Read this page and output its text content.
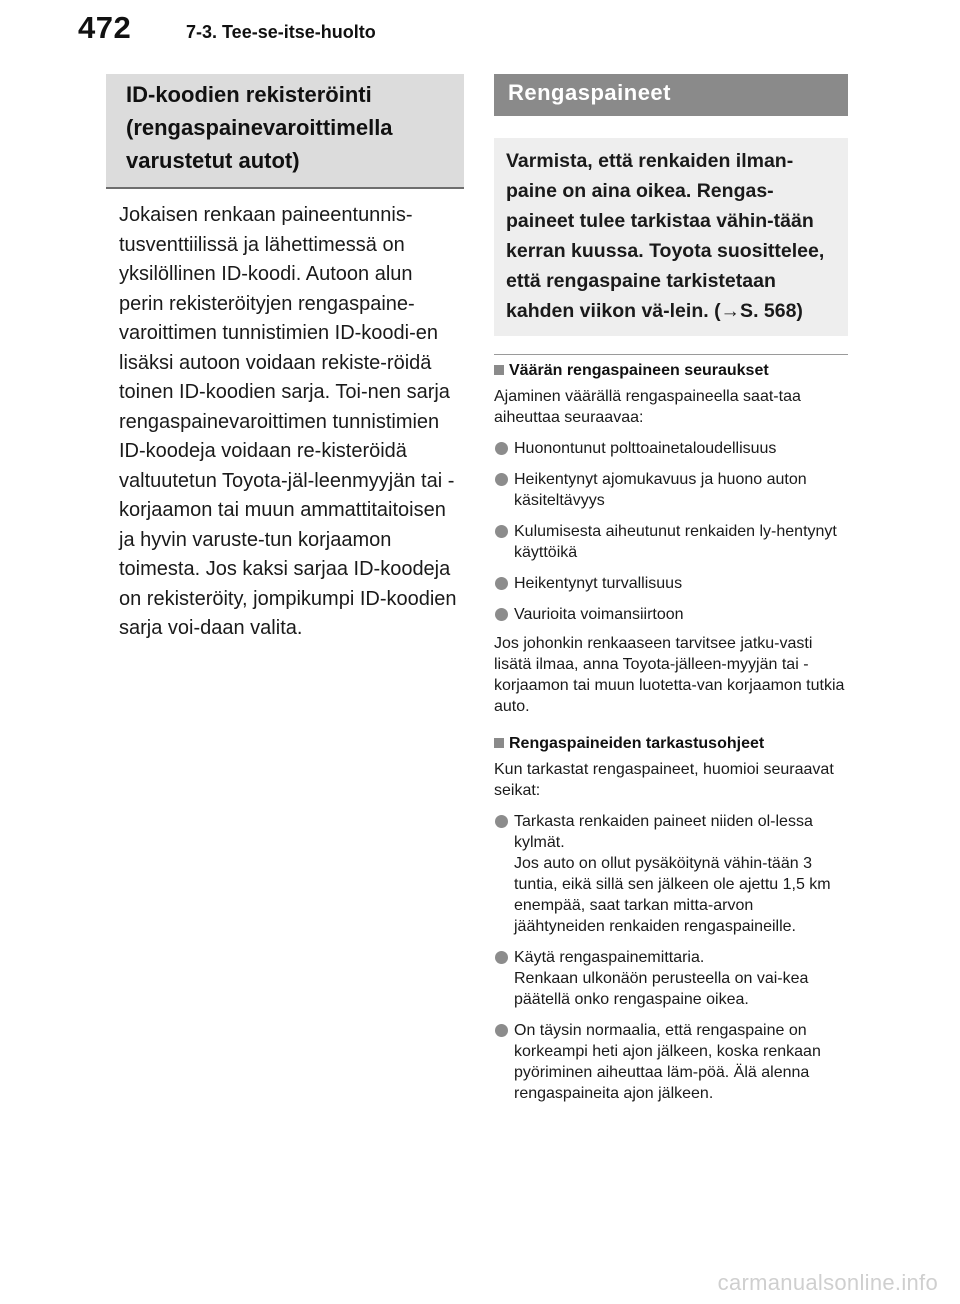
472	7-3. Tee-se-itse-huolto
ID-koodien rekisteröinti (rengaspainevaroittimella varustetut autot)
Jokaisen renkaan paineentunnis-tusventtiilissä ja lähettimessä on yksilöllinen ID-koodi. Autoon alun perin rekisteröityjen rengaspaine-varoittimen tunnistimien ID-koodi-en lisäksi autoon voidaan rekiste-röidä toinen ID-koodien sarja. Toi-nen sarja rengaspainevaroittimen tunnistimien ID-koodeja voidaan re-kisteröidä valtuutetun Toyota-jäl-leenmyyjän tai -korjaamon tai muun ammattitaitoisen ja hyvin varuste-tun korjaamon toimesta. Jos kaksi sarjaa ID-koodeja on rekisteröity, jompikumpi ID-koodien sarja voi-daan valita.
Rengaspaineet
Varmista, että renkaiden ilman-paine on aina oikea. Rengas-paineet tulee tarkistaa vähin-tään kerran kuussa. Toyota suosittelee, että rengaspaine tarkistetaan kahden viikon vä-lein. (→S. 568)
Väärän rengaspaineen seuraukset
Ajaminen väärällä rengaspaineella saat-taa aiheuttaa seuraavaa:
Huonontunut polttoainetaloudellisuus
Heikentynyt ajomukavuus ja huono auton käsiteltävyys
Kulumisesta aiheutunut renkaiden ly-hentynyt käyttöikä
Heikentynyt turvallisuus
Vaurioita voimansiirtoon
Jos johonkin renkaaseen tarvitsee jatku-vasti lisätä ilmaa, anna Toyota-jälleen-myyjän tai -korjaamon tai muun luotetta-van korjaamon tutkia auto.
Rengaspaineiden tarkastusohjeet
Kun tarkastat rengaspaineet, huomioi seuraavat seikat:
Tarkasta renkaiden paineet niiden ol-lessa kylmät.
Jos auto on ollut pysäköitynä vähin-tään 3 tuntia, eikä sillä sen jälkeen ole ajettu 1,5 km enempää, saat tarkan mitta-arvon jäähtyneiden renkaiden rengaspaineille.
Käytä rengaspainemittaria.
Renkaan ulkonäön perusteella on vai-kea päätellä onko rengaspaine oikea.
On täysin normaalia, että rengaspaine on korkeampi heti ajon jälkeen, koska renkaan pyöriminen aiheuttaa läm-pöä. Älä alenna rengaspaineita ajon jälkeen.
carmanualsonline.info
